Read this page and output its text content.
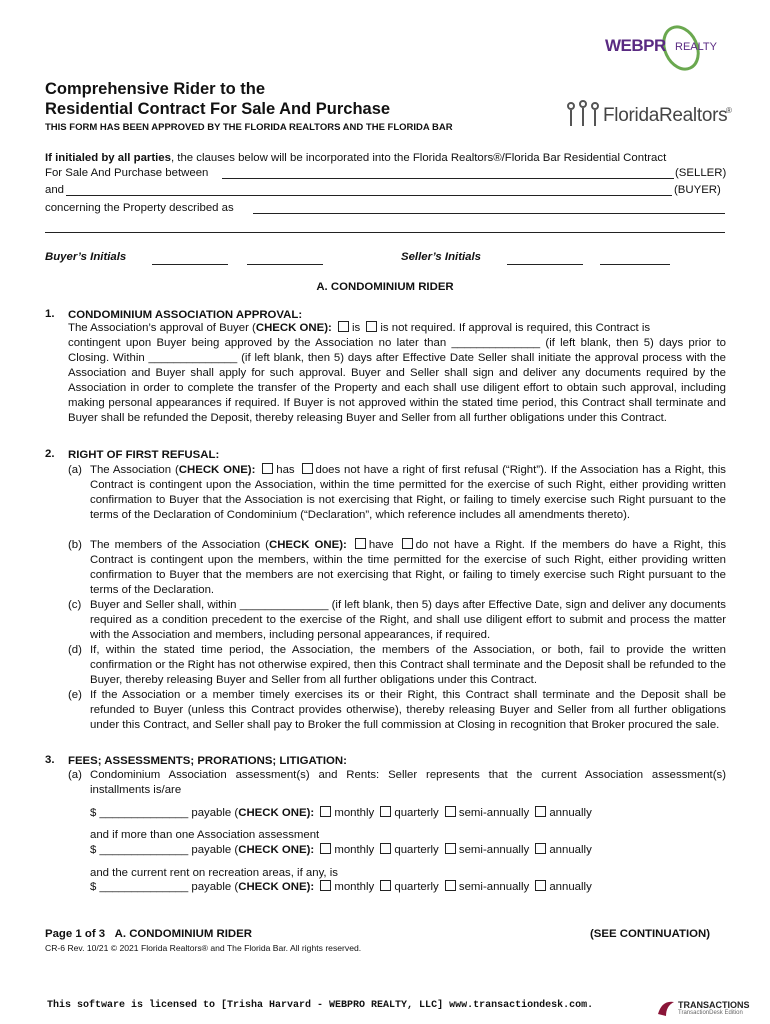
WEBPR REALTY
Comprehensive Rider to the
Residential Contract For Sale And Purchase
THIS FORM HAS BEEN APPROVED BY THE FLORIDA REALTORS AND THE FLORIDA BAR
FloridaRealtors
®
If initialed by all parties, the clauses below will be incorporated into the Florida Realtors®/Florida Bar Residential Contract
For Sale And Purchase between	(SELLER)
and	(BUYER)
concerning the Property described as
Buyer’s Initials	Seller’s Initials
A. CONDOMINIUM RIDER
1. CONDOMINIUM ASSOCIATION APPROVAL:
The Association’s approval of Buyer (CHECK ONE): is is not required. If approval is required, this Contract is
contingent upon Buyer being approved by the Association no later than ______________ (if left blank, then 5) days prior to Closing. Within ______________ (if left blank, then 5) days after Effective Date Seller shall initiate the approval process with the Association and Buyer shall apply for such approval. Buyer and Seller shall sign and deliver any documents required by the Association in order to complete the transfer of the Property and each shall use diligent effort to obtain such approval, including making personal appearances if required. If Buyer is not approved within the stated time period, this Contract shall terminate and Buyer shall be refunded the Deposit, thereby releasing Buyer and Seller from all further obligations under this Contract.
2. RIGHT OF FIRST REFUSAL:
(a) The Association (CHECK ONE): has does not have a right of first refusal (“Right”). If the Association has a Right, this Contract is contingent upon the Association, within the time permitted for the exercise of such Right, either providing written confirmation to Buyer that the Association is not exercising that Right, or failing to timely exercise such Right pursuant to the terms of the Declaration of Condominium (“Declaration”, which reference includes all amendments thereto).
(b) The members of the Association (CHECK ONE): have do not have a Right. If the members do have a Right, this Contract is contingent upon the members, within the time permitted for the exercise of such Right, either providing written confirmation to Buyer that the members are not exercising that Right, or failing to timely exercise such Right pursuant to the terms of the Declaration.
(c) Buyer and Seller shall, within ______________ (if left blank, then 5) days after Effective Date, sign and deliver any documents required as a condition precedent to the exercise of the Right, and shall use diligent effort to submit and process the matter with the Association and members, including personal appearances, if required.
(d) If, within the stated time period, the Association, the members of the Association, or both, fail to provide the written confirmation or the Right has not otherwise expired, then this Contract shall terminate and the Deposit shall be refunded to the Buyer, thereby releasing Buyer and Seller from all further obligations under this Contract.
(e) If the Association or a member timely exercises its or their Right, this Contract shall terminate and the Deposit shall be refunded to Buyer (unless this Contract provides otherwise), thereby releasing Buyer and Seller from all further obligations under this Contract, and Seller shall pay to Broker the full commission at Closing in recognition that Broker procured the sale.
3. FEES; ASSESSMENTS; PRORATIONS; LITIGATION:
(a) Condominium Association assessment(s) and Rents: Seller represents that the current Association assessment(s) installments is/are
$ ______________ payable (CHECK ONE): monthly quarterly semi-annually annually
and if more than one Association assessment
$ ______________ payable (CHECK ONE): monthly quarterly semi-annually annually
and the current rent on recreation areas, if any, is
$ ______________ payable (CHECK ONE): monthly quarterly semi-annually annually
Page 1 of 3 A. CONDOMINIUM RIDER	(SEE CONTINUATION)
CR-6 Rev. 10/21 © 2021 Florida Realtors® and The Florida Bar. All rights reserved.
This software is licensed to [Trisha Harvard - WEBPRO REALTY, LLC] www.transactiondesk.com.	TRANSACTIONS
TransactionDesk Edition
